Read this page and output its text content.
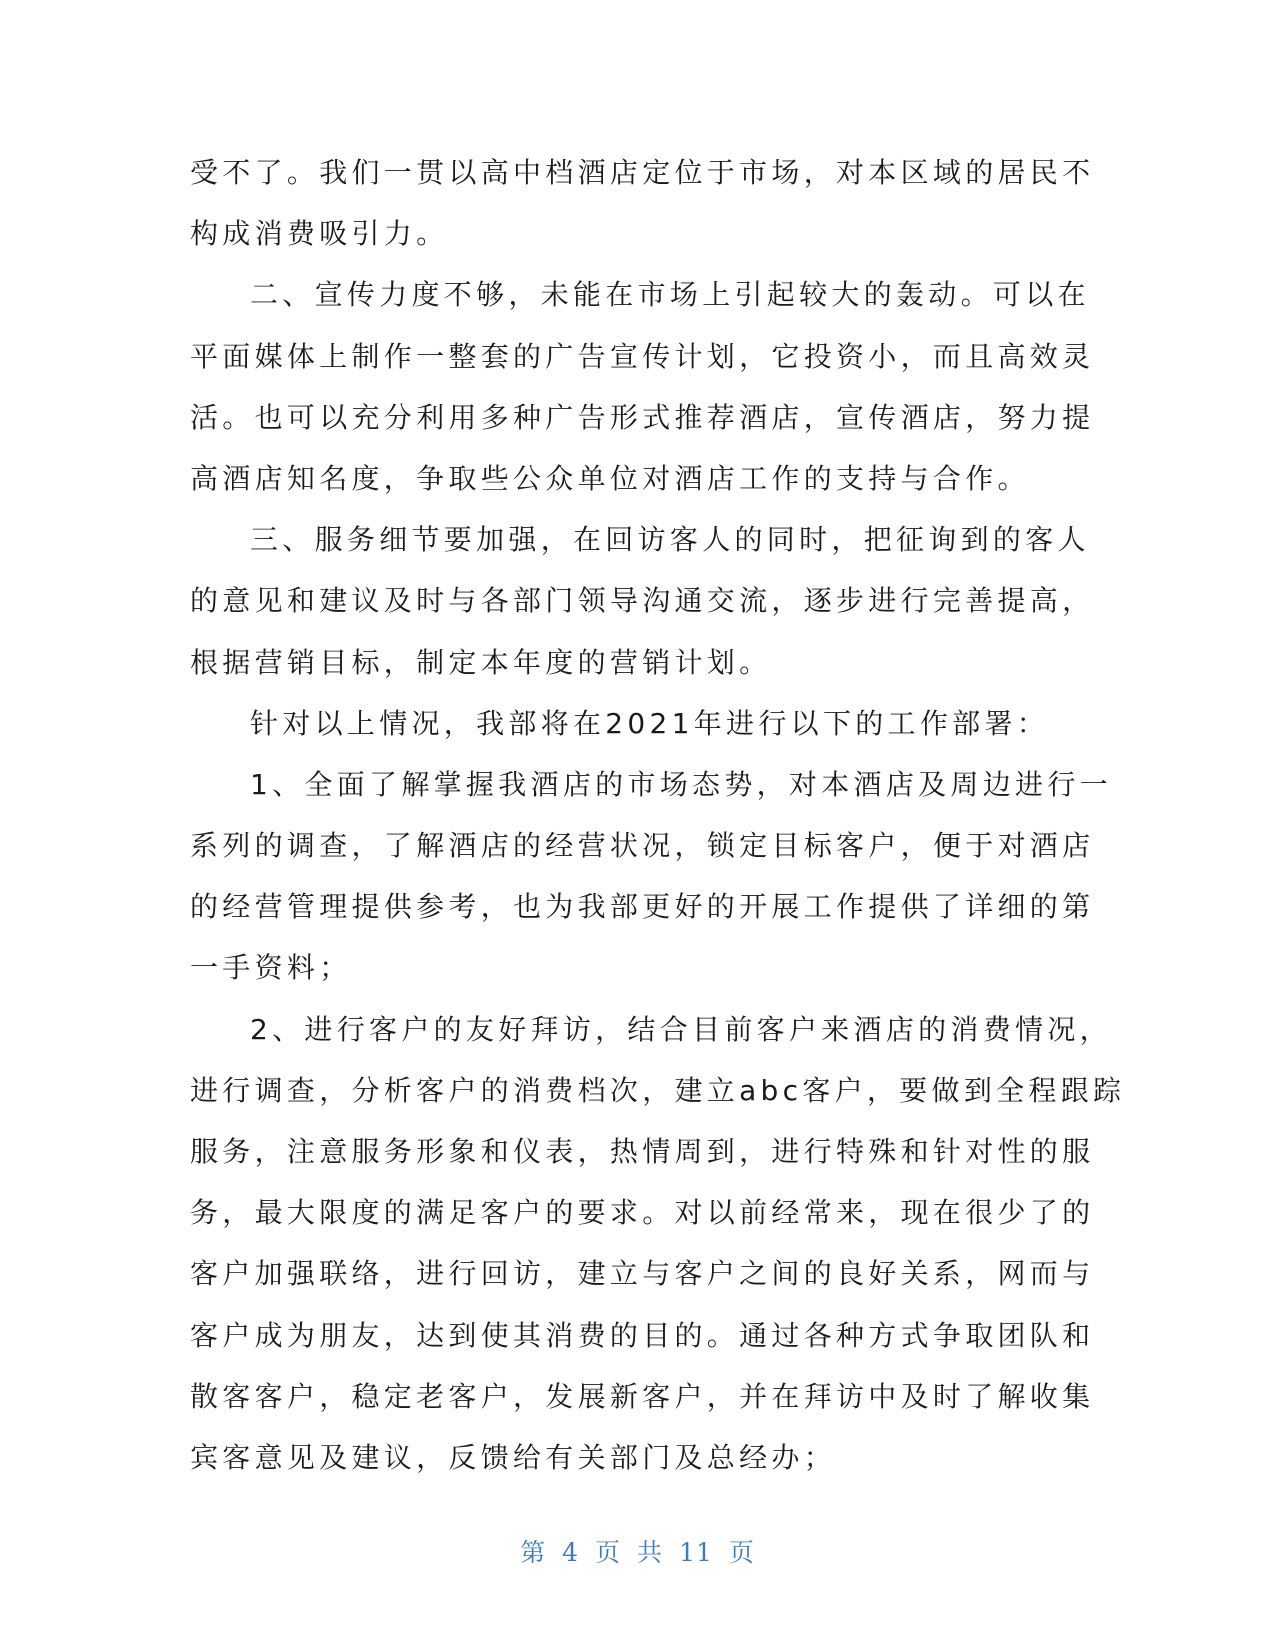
受不了。我们一贯以高中档酒店定位于市场，对本区域的居民不
构成消费吸引力。
二、宣传力度不够，未能在市场上引起较大的轰动。可以在
平面媒体上制作一整套的广告宣传计划，它投资小，而且高效灵
活。也可以充分利用多种广告形式推荐酒店，宣传酒店，努力提
高酒店知名度，争取些公众单位对酒店工作的支持与合作。
三、服务细节要加强，在回访客人的同时，把征询到的客人
的意见和建议及时与各部门领导沟通交流，逐步进行完善提高，
根据营销目标，制定本年度的营销计划。
针对以上情况，我部将在2021年进行以下的工作部署：
1、全面了解掌握我酒店的市场态势，对本酒店及周边进行一
系列的调查，了解酒店的经营状况，锁定目标客户，便于对酒店
的经营管理提供参考，也为我部更好的开展工作提供了详细的第
一手资料；
2、进行客户的友好拜访，结合目前客户来酒店的消费情况，
进行调查，分析客户的消费档次，建立abc客户，要做到全程跟踪
服务，注意服务形象和仪表，热情周到，进行特殊和针对性的服
务，最大限度的满足客户的要求。对以前经常来，现在很少了的
客户加强联络，进行回访，建立与客户之间的良好关系，网而与
客户成为朋友，达到使其消费的目的。通过各种方式争取团队和
散客客户，稳定老客户，发展新客户，并在拜访中及时了解收集
宾客意见及建议，反馈给有关部门及总经办；
第 4 页 共 11 页
